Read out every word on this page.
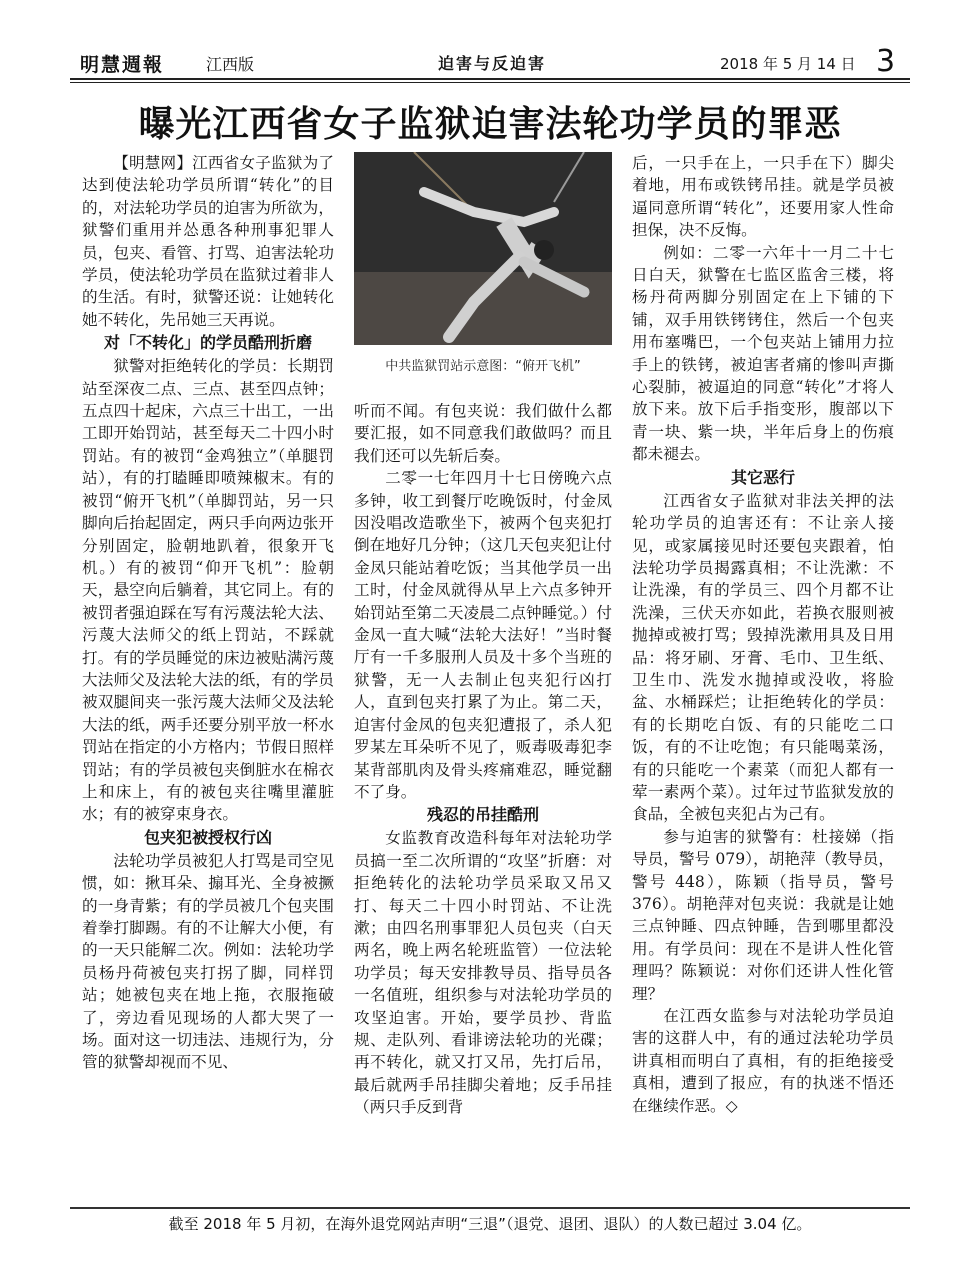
明慧週報	江西版	迫害与反迫害	2018 年 5 月 14 日 3
曝光江西省女子监狱迫害法轮功学员的罪恶

【明慧网】江西省女子监狱为了达到使法轮功学员所谓“转化”的目的，对法轮功学员的迫害为所欲为，狱警们重用并怂恿各种刑事犯罪人员，包夹、看管、打骂、迫害法轮功学员，使法轮功学员在监狱过着非人的生活。有时，狱警还说：让她转化她不转化，先吊她三天再说。

对「不转化」的学员酷刑折磨

狱警对拒绝转化的学员：长期罚站至深夜二点、三点、甚至四点钟；五点四十起床，六点三十出工，一出工即开始罚站，甚至每天二十四小时罚站。有的被罚“金鸡独立”（单腿罚站），有的打瞌睡即喷辣椒末。有的被罚“俯开飞机”（单脚罚站，另一只脚向后抬起固定，两只手向两边张开分别固定，脸朝地趴着，很象开飞机。）有的被罚“仰开飞机”：脸朝天，悬空向后躺着，其它同上。有的被罚者强迫踩在写有污蔑法轮大法、污蔑大法师父的纸上罚站，不踩就打。有的学员睡觉的床边被贴满污蔑大法师父及法轮大法的纸，有的学员被双腿间夹一张污蔑大法师父及法轮大法的纸，两手还要分别平放一杯水罚站在指定的小方格内；节假日照样罚站；有的学员被包夹倒脏水在棉衣上和床上，有的被包夹往嘴里灌脏水；有的被穿束身衣。

包夹犯被授权行凶

法轮功学员被犯人打骂是司空见惯，如：揪耳朵、搧耳光、全身被撅的一身青紫；有的学员被几个包夹围着拳打脚踢。有的不让解大小便，有的一天只能解二次。例如：法轮功学员杨丹荷被包夹打拐了脚，同样罚站；她被包夹在地上拖，衣服拖破了，旁边看见现场的人都大哭了一场。面对这一切违法、违规行为，分管的狱警却视而不见、

中共监狱罚站示意图：“俯开飞机”

听而不闻。有包夹说：我们做什么都要汇报，如不同意我们敢做吗？而且我们还可以先斩后奏。

二零一七年四月十七日傍晚六点多钟，收工到餐厅吃晚饭时，付金凤因没唱改造歌坐下，被两个包夹犯打倒在地好几分钟；（这几天包夹犯让付金凤只能站着吃饭；当其他学员一出工时，付金凤就得从早上六点多钟开始罚站至第二天凌晨二点钟睡觉。）付金凤一直大喊“法轮大法好！”当时餐厅有一千多服刑人员及十多个当班的狱警，无一人去制止包夹犯行凶打人，直到包夹打累了为止。第二天，迫害付金凤的包夹犯遭报了，杀人犯罗某左耳朵听不见了，贩毒吸毒犯李某背部肌肉及骨头疼痛难忍，睡觉翻不了身。

残忍的吊挂酷刑

女监教育改造科每年对法轮功学员搞一至二次所谓的“攻坚”折磨：对拒绝转化的法轮功学员采取又吊又打、每天二十四小时罚站、不让洗漱；由四名刑事罪犯人员包夹（白天两名，晚上两名轮班监管）一位法轮功学员；每天安排教导员、指导员各一名值班，组织参与对法轮功学员的攻坚迫害。开始，要学员抄、背监规、走队列、看诽谤法轮功的光碟；再不转化，就又打又吊，先打后吊，最后就两手吊挂脚尖着地；反手吊挂（两只手反到背

后，一只手在上，一只手在下）脚尖着地，用布或铁铐吊挂。就是学员被逼同意所谓“转化”，还要用家人性命担保，决不反悔。

例如：二零一六年十一月二十七日白天，狱警在七监区监舍三楼，将杨丹荷两脚分别固定在上下铺的下铺，双手用铁铐铐住，然后一个包夹用布塞嘴巴，一个包夹站上铺用力拉手上的铁铐，被迫害者痛的惨叫声撕心裂肺，被逼迫的同意“转化”才将人放下来。放下后手指变形，腹部以下青一块、紫一块，半年后身上的伤痕都未褪去。

其它恶行

江西省女子监狱对非法关押的法轮功学员的迫害还有：不让亲人接见，或家属接见时还要包夹跟着，怕法轮功学员揭露真相；不让洗漱：不让洗澡，有的学员三、四个月都不让洗澡，三伏天亦如此，若换衣服则被抛掉或被打骂；毁掉洗漱用具及日用品：将牙刷、牙膏、毛巾、卫生纸、卫生巾、洗发水抛掉或没收，将脸盆、水桶踩烂；让拒绝转化的学员：有的长期吃白饭、有的只能吃二口饭，有的不让吃饱；有只能喝菜汤，有的只能吃一个素菜（而犯人都有一荤一素两个菜）。过年过节监狱发放的食品，全被包夹犯占为己有。

参与迫害的狱警有：杜接娣（指导员，警号 079），胡艳萍（教导员，警号 448），陈颖（指导员，警号 376）。胡艳萍对包夹说：我就是让她三点钟睡、四点钟睡，告到哪里都没用。有学员问：现在不是讲人性化管理吗？陈颖说：对你们还讲人性化管理？

在江西女监参与对法轮功学员迫害的这群人中，有的通过法轮功学员讲真相而明白了真相，有的拒绝接受真相，遭到了报应，有的执迷不悟还在继续作恶。◇

截至 2018 年 5 月初，在海外退党网站声明“三退”（退党、退团、退队）的人数已超过 3.04 亿。
